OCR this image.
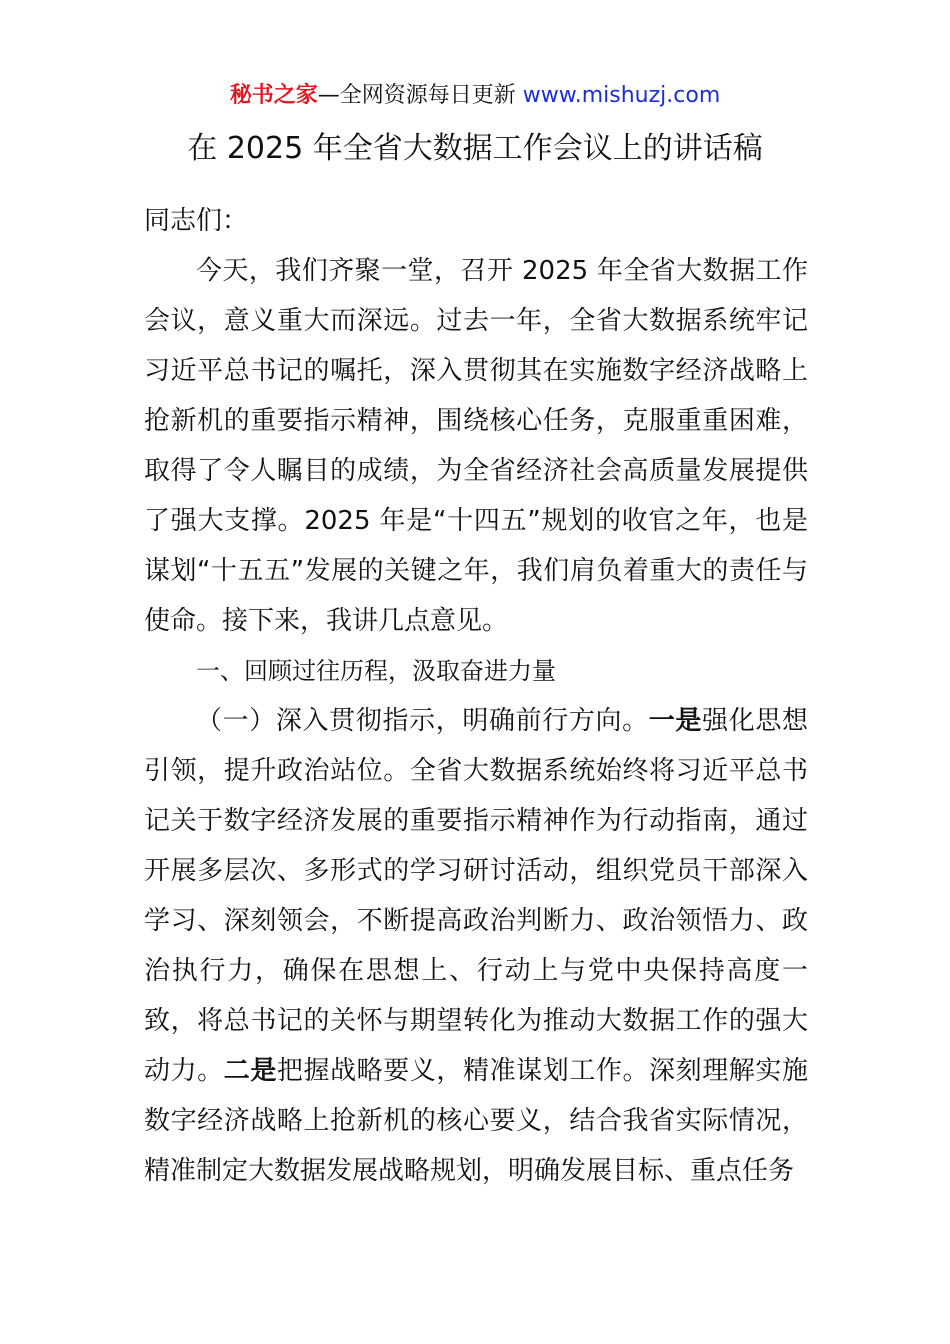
秘书之家—全网资源每日更新 www.mishuzj.com
在 2025 年全省大数据工作会议上的讲话稿

同志们：

今天，我们齐聚一堂，召开 2025 年全省大数据工作会议，意义重大而深远。过去一年，全省大数据系统牢记习近平总书记的嘱托，深入贯彻其在实施数字经济战略上抢新机的重要指示精神，围绕核心任务，克服重重困难，取得了令人瞩目的成绩，为全省经济社会高质量发展提供了强大支撑。2025 年是“十四五”规划的收官之年，也是谋划“十五五”发展的关键之年，我们肩负着重大的责任与使命。接下来，我讲几点意见。

一、回顾过往历程，汲取奋进力量

（一）深入贯彻指示，明确前行方向。一是强化思想引领，提升政治站位。全省大数据系统始终将习近平总书记关于数字经济发展的重要指示精神作为行动指南，通过开展多层次、多形式的学习研讨活动，组织党员干部深入学习、深刻领会，不断提高政治判断力、政治领悟力、政治执行力，确保在思想上、行动上与党中央保持高度一致，将总书记的关怀与期望转化为推动大数据工作的强大动力。二是把握战略要义，精准谋划工作。深刻理解实施数字经济战略上抢新机的核心要义，结合我省实际情况，精准制定大数据发展战略规划，明确发展目标、重点任务
